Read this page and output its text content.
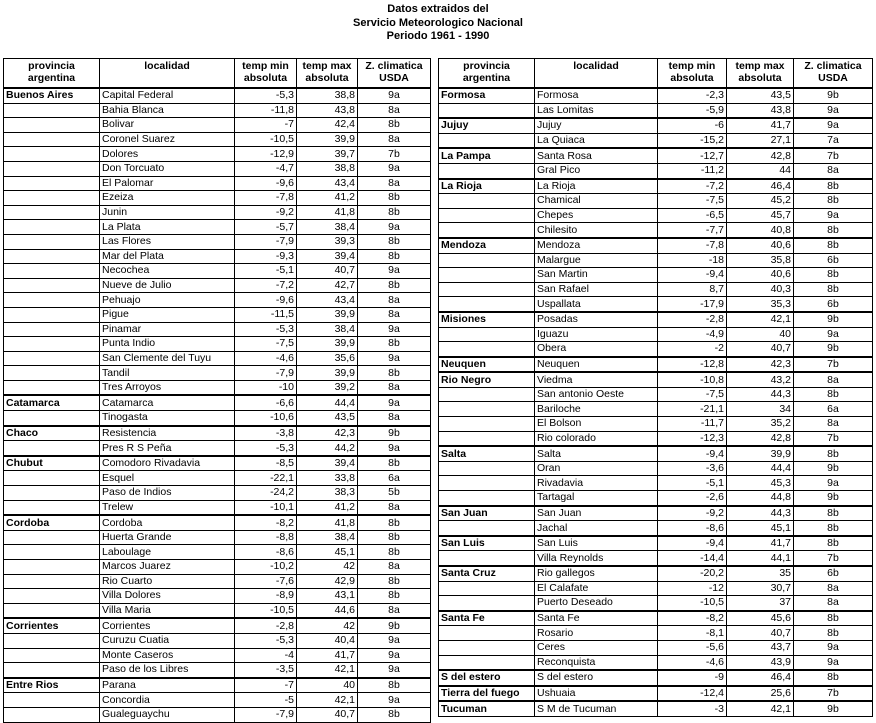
Datos extraidos del
Servicio Meteorologico Nacional
Periodo 1961 - 1990
provincia argentina	localidad	temp min absoluta	temp max absoluta	Z. climatica USDA
Buenos Aires	Capital Federal	-5,3	38,8	9a
	Bahia Blanca	-11,8	43,8	8a
	Bolivar	-7	42,4	8b
	Coronel Suarez	-10,5	39,9	8a
	Dolores	-12,9	39,7	7b
	Don Torcuato	-4,7	38,8	9a
	El Palomar	-9,6	43,4	8a
	Ezeiza	-7,8	41,2	8b
	Junin	-9,2	41,8	8b
	La Plata	-5,7	38,4	9a
	Las Flores	-7,9	39,3	8b
	Mar del Plata	-9,3	39,4	8b
	Necochea	-5,1	40,7	9a
	Nueve de Julio	-7,2	42,7	8b
	Pehuajo	-9,6	43,4	8a
	Pigue	-11,5	39,9	8a
	Pinamar	-5,3	38,4	9a
	Punta Indio	-7,5	39,9	8b
	San Clemente del Tuyu	-4,6	35,6	9a
	Tandil	-7,9	39,9	8b
	Tres Arroyos	-10	39,2	8a
Catamarca	Catamarca	-6,6	44,4	9a
	Tinogasta	-10,6	43,5	8a
Chaco	Resistencia	-3,8	42,3	9b
	Pres R S Peña	-5,3	44,2	9a
Chubut	Comodoro Rivadavia	-8,5	39,4	8b
	Esquel	-22,1	33,8	6a
	Paso de Indios	-24,2	38,3	5b
	Trelew	-10,1	41,2	8a
Cordoba	Cordoba	-8,2	41,8	8b
	Huerta Grande	-8,8	38,4	8b
	Laboulage	-8,6	45,1	8b
	Marcos Juarez	-10,2	42	8a
	Rio Cuarto	-7,6	42,9	8b
	Villa Dolores	-8,9	43,1	8b
	Villa Maria	-10,5	44,6	8a
Corrientes	Corrientes	-2,8	42	9b
	Curuzu Cuatia	-5,3	40,4	9a
	Monte Caseros	-4	41,7	9a
	Paso de los Libres	-3,5	42,1	9a
Entre Rios	Parana	-7	40	8b
	Concordia	-5	42,1	9a
	Gualeguaychu	-7,9	40,7	8b
provincia argentina	localidad	temp min absoluta	temp max absoluta	Z. climatica USDA
Formosa	Formosa	-2,3	43,5	9b
	Las Lomitas	-5,9	43,8	9a
Jujuy	Jujuy	-6	41,7	9a
	La Quiaca	-15,2	27,1	7a
La Pampa	Santa Rosa	-12,7	42,8	7b
	Gral Pico	-11,2	44	8a
La Rioja	La Rioja	-7,2	46,4	8b
	Chamical	-7,5	45,2	8b
	Chepes	-6,5	45,7	9a
	Chilesito	-7,7	40,8	8b
Mendoza	Mendoza	-7,8	40,6	8b
	Malargue	-18	35,8	6b
	San Martin	-9,4	40,6	8b
	San Rafael	8,7	40,3	8b
	Uspallata	-17,9	35,3	6b
Misiones	Posadas	-2,8	42,1	9b
	Iguazu	-4,9	40	9a
	Obera	-2	40,7	9b
Neuquen	Neuquen	-12,8	42,3	7b
Rio Negro	Viedma	-10,8	43,2	8a
	San antonio Oeste	-7,5	44,3	8b
	Bariloche	-21,1	34	6a
	El Bolson	-11,7	35,2	8a
	Rio colorado	-12,3	42,8	7b
Salta	Salta	-9,4	39,9	8b
	Oran	-3,6	44,4	9b
	Rivadavia	-5,1	45,3	9a
	Tartagal	-2,6	44,8	9b
San Juan	San Juan	-9,2	44,3	8b
	Jachal	-8,6	45,1	8b
San Luis	San Luis	-9,4	41,7	8b
	Villa Reynolds	-14,4	44,1	7b
Santa Cruz	Rio gallegos	-20,2	35	6b
	El Calafate	-12	30,7	8a
	Puerto Deseado	-10,5	37	8a
Santa Fe	Santa Fe	-8,2	45,6	8b
	Rosario	-8,1	40,7	8b
	Ceres	-5,6	43,7	9a
	Reconquista	-4,6	43,9	9a
S del estero	S del estero	-9	46,4	8b
Tierra del fuego	Ushuaia	-12,4	25,6	7b
Tucuman	S M de Tucuman	-3	42,1	9b
